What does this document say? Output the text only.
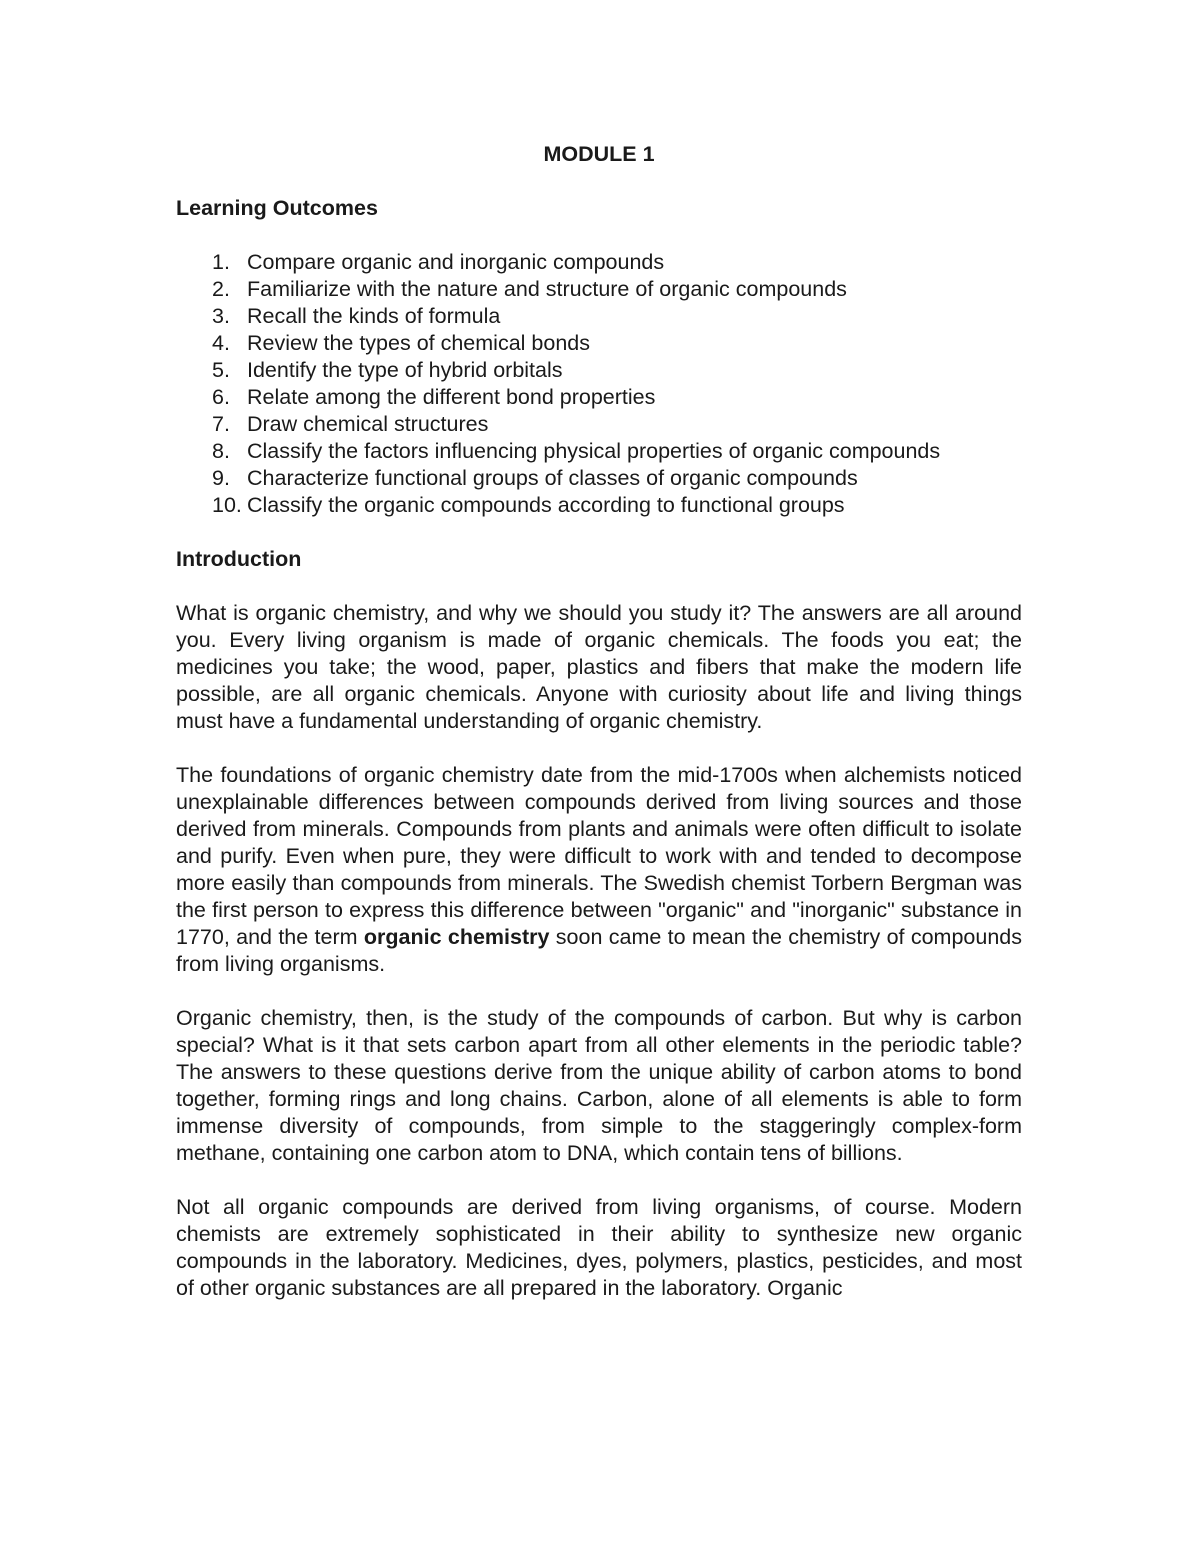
MODULE 1
Learning Outcomes
1. Compare organic and inorganic compounds
2. Familiarize with the nature and structure of organic compounds
3. Recall the kinds of formula
4. Review the types of chemical bonds
5. Identify the type of hybrid orbitals
6. Relate among the different bond properties
7. Draw chemical structures
8. Classify the factors influencing physical properties of organic compounds
9. Characterize functional groups of classes of organic compounds
10. Classify the organic compounds according to functional groups
Introduction

What is organic chemistry, and why we should you study it? The answers are all around you. Every living organism is made of organic chemicals. The foods you eat; the medicines you take; the wood, paper, plastics and fibers that make the modern life possible, are all organic chemicals. Anyone with curiosity about life and living things must have a fundamental understanding of organic chemistry.

The foundations of organic chemistry date from the mid-1700s when alchemists noticed unexplainable differences between compounds derived from living sources and those derived from minerals. Compounds from plants and animals were often difficult to isolate and purify. Even when pure, they were difficult to work with and tended to decompose more easily than compounds from minerals. The Swedish chemist Torbern Bergman was the first person to express this difference between "organic" and "inorganic" substance in 1770, and the term organic chemistry soon came to mean the chemistry of compounds from living organisms.

Organic chemistry, then, is the study of the compounds of carbon. But why is carbon special? What is it that sets carbon apart from all other elements in the periodic table? The answers to these questions derive from the unique ability of carbon atoms to bond together, forming rings and long chains. Carbon, alone of all elements is able to form immense diversity of compounds, from simple to the staggeringly complex-form methane, containing one carbon atom to DNA, which contain tens of billions.

Not all organic compounds are derived from living organisms, of course. Modern chemists are extremely sophisticated in their ability to synthesize new organic compounds in the laboratory. Medicines, dyes, polymers, plastics, pesticides, and most of other organic substances are all prepared in the laboratory. Organic
